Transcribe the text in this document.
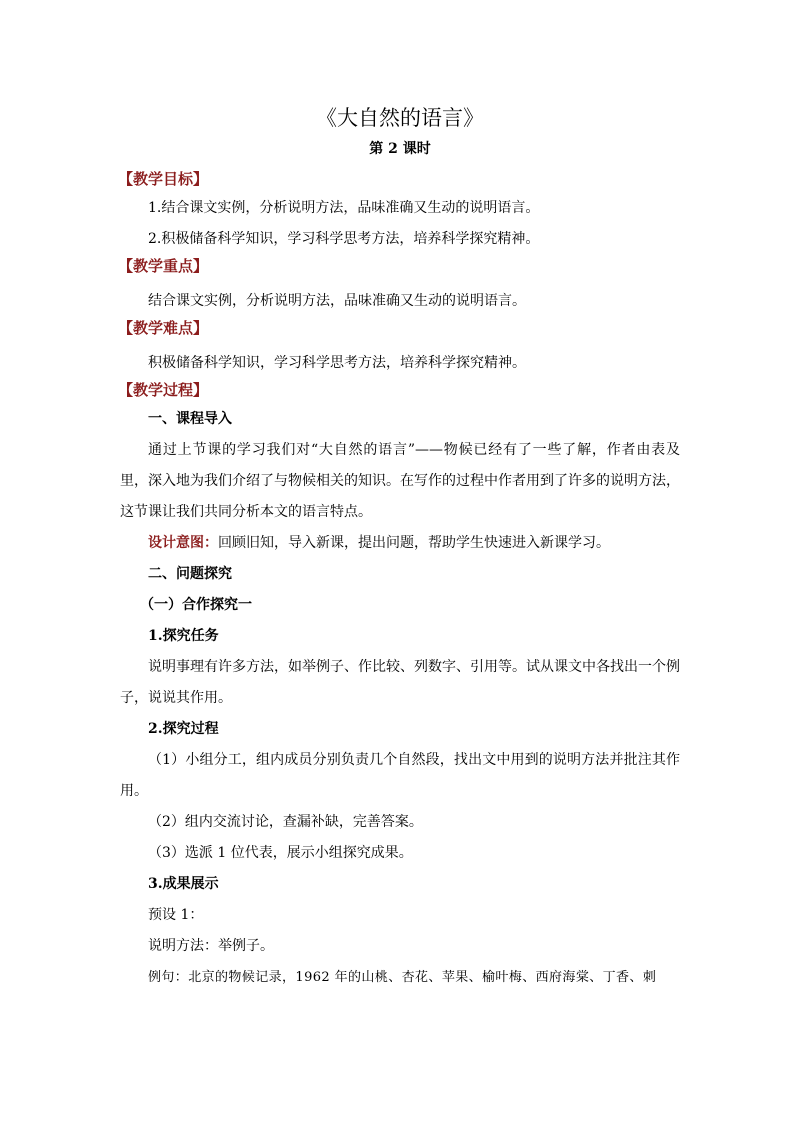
《大自然的语言》
第 2 课时
【教学目标】
1.结合课文实例，分析说明方法，品味准确又生动的说明语言。
2.积极储备科学知识，学习科学思考方法，培养科学探究精神。
【教学重点】
结合课文实例，分析说明方法，品味准确又生动的说明语言。
【教学难点】
积极储备科学知识，学习科学思考方法，培养科学探究精神。
【教学过程】
一、课程导入
通过上节课的学习我们对“大自然的语言”——物候已经有了一些了解，作者由表及里，深入地为我们介绍了与物候相关的知识。在写作的过程中作者用到了许多的说明方法，这节课让我们共同分析本文的语言特点。
设计意图：回顾旧知，导入新课，提出问题，帮助学生快速进入新课学习。
二、问题探究
（一）合作探究一
1.探究任务
说明事理有许多方法，如举例子、作比较、列数字、引用等。试从课文中各找出一个例子，说说其作用。
2.探究过程
（1）小组分工，组内成员分别负责几个自然段，找出文中用到的说明方法并批注其作用。
（2）组内交流讨论，查漏补缺，完善答案。
（3）选派 1 位代表，展示小组探究成果。
3.成果展示
预设 1：
说明方法：举例子。
例句：北京的物候记录，1962 年的山桃、杏花、苹果、榆叶梅、西府海棠、丁香、刺
